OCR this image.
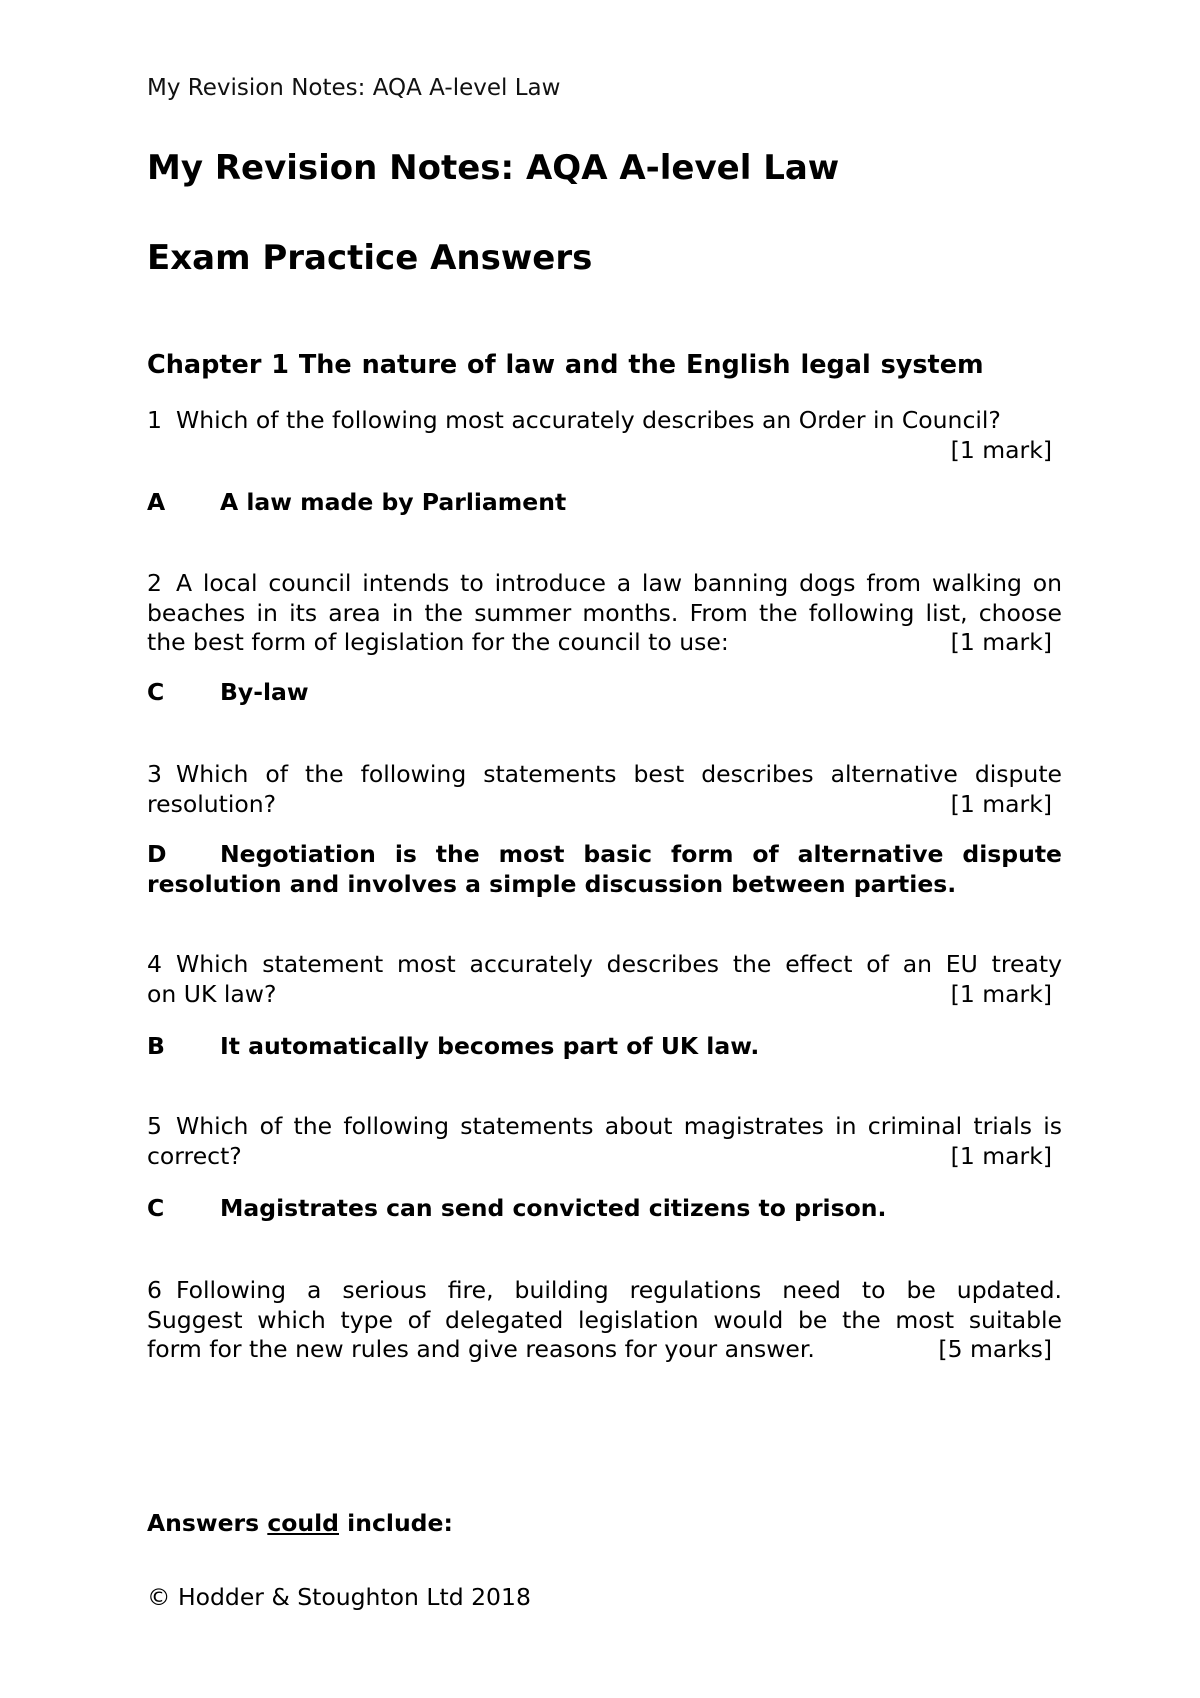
My Revision Notes: AQA A-level Law
My Revision Notes: AQA A-level Law
Exam Practice Answers
Chapter 1 The nature of law and the English legal system
1 Which of the following most accurately describes an Order in Council?
[1 mark]
A A law made by Parliament
2 A local council intends to introduce a law banning dogs from walking on
beaches in its area in the summer months. From the following list, choose
the best form of legislation for the council to use:	[1 mark]
C By-law
3 Which of the following statements best describes alternative dispute
resolution?	[1 mark]
D Negotiation is the most basic form of alternative dispute
resolution and involves a simple discussion between parties.
4 Which statement most accurately describes the effect of an EU treaty
on UK law?	[1 mark]
B It automatically becomes part of UK law.
5 Which of the following statements about magistrates in criminal trials is
correct?	[1 mark]
C Magistrates can send convicted citizens to prison.
6 Following a serious fire, building regulations need to be updated.
Suggest which type of delegated legislation would be the most suitable
form for the new rules and give reasons for your answer.	[5 marks]
Answers could include:
© Hodder & Stoughton Ltd 2018
